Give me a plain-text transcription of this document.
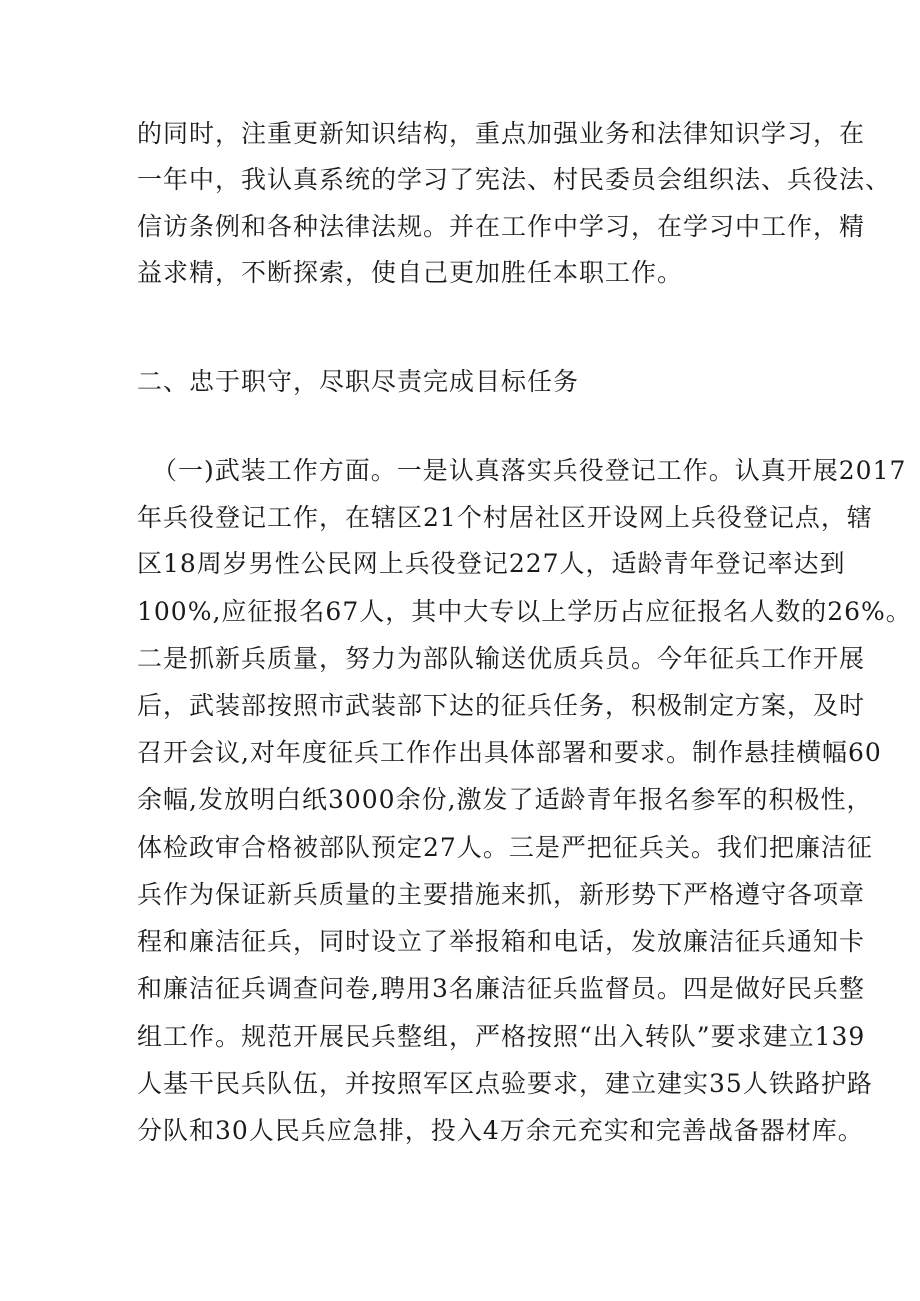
的同时，注重更新知识结构，重点加强业务和法律知识学习，在
一年中，我认真系统的学习了宪法、村民委员会组织法、兵役法、
信访条例和各种法律法规。并在工作中学习，在学习中工作，精
益求精，不断探索，使自己更加胜任本职工作。
二、忠于职守，尽职尽责完成目标任务
（一)武装工作方面。一是认真落实兵役登记工作。认真开展2017
年兵役登记工作，在辖区21个村居社区开设网上兵役登记点，辖
区18周岁男性公民网上兵役登记227人，适龄青年登记率达到
100%,应征报名67人，其中大专以上学历占应征报名人数的26%。
二是抓新兵质量，努力为部队输送优质兵员。今年征兵工作开展
后，武装部按照市武装部下达的征兵任务，积极制定方案，及时
召开会议,对年度征兵工作作出具体部署和要求。制作悬挂横幅60
余幅,发放明白纸3000余份,激发了适龄青年报名参军的积极性，
体检政审合格被部队预定27人。三是严把征兵关。我们把廉洁征
兵作为保证新兵质量的主要措施来抓，新形势下严格遵守各项章
程和廉洁征兵，同时设立了举报箱和电话，发放廉洁征兵通知卡
和廉洁征兵调查问卷,聘用3名廉洁征兵监督员。四是做好民兵整
组工作。规范开展民兵整组，严格按照“出入转队”要求建立139
人基干民兵队伍，并按照军区点验要求，建立建实35人铁路护路
分队和30人民兵应急排，投入4万余元充实和完善战备器材库。
